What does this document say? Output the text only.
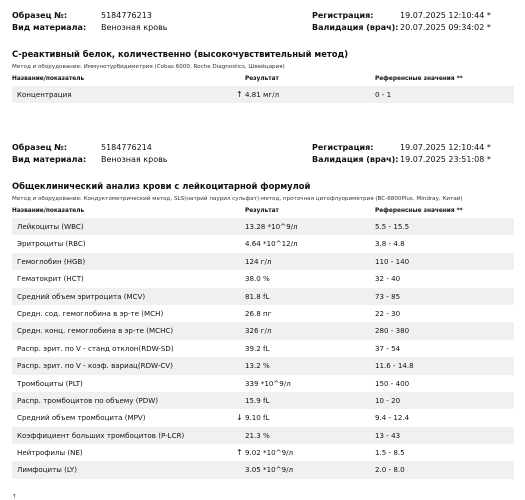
Образец №:	5184776213	Регистрация:	19.07.2025 12:10:44 *
Вид материала: Венозная кровь	Валидация (врач): 20.07.2025 09:34:02 *
С-реактивный белок, количественно (высокочувствительный метод)
Метод и оборудование: Иммунотурбидиметрия (Cobas 6000, Roche Diagnostics, Швейцария)
Название/показатель	Результат	Референсные значения **
Концентрация	↑ 4.81 мг/л	0 - 1
Образец №:	5184776214	Регистрация:	19.07.2025 12:10:44 *
Вид материала: Венозная кровь	Валидация (врач): 19.07.2025 23:51:08 *
Общеклинический анализ крови с лейкоцитарной формулой
Метод и оборудование: Кондуктометрический метод, SLS(натрий лаурил сульфат)-метод, проточная цитофлуориметрия (BC-6800Plus, Mindray, Китай)
Название/показатель	Результат	Референсные значения **
Лейкоциты (WBC)	13.28 *10^9/л	5.5 - 15.5
Эритроциты (RBC)	4.64 *10^12/л	3.8 - 4.8
Гемоглобин (HGB)	124 г/л	110 - 140
Гематокрит (HCT)	38.0 %	32 - 40
Средний объем эритроцита (MCV)	81.8 fL	73 - 85
Средн. сод. гемоглобина в эр-те (MCH)	26.8 пг	22 - 30
Средн. конц. гемоглобина в эр-те (MCHC)	326 г/л	280 - 380
Распр. эрит. по V - станд отклон(RDW-SD)	39.2 fL	37 - 54
Распр. эрит. по V - коэф. вариац(RDW-CV)	13.2 %	11.6 - 14.8
Тромбоциты (PLT)	339 *10^9/л	150 - 400
Распр. тромбоцитов по объему (PDW)	15.9 fL	10 - 20
Средний объем тромбоцита (MPV)	↓ 9.10 fL	9.4 - 12.4
Коэффициент больших тромбоцитов (P-LCR)	21.3 %	13 - 43
Нейтрофилы (NE)	↑ 9.02 *10^9/л	1.5 - 8.5
Лимфоциты (LY)	3.05 *10^9/л	2.0 - 8.0
↑
